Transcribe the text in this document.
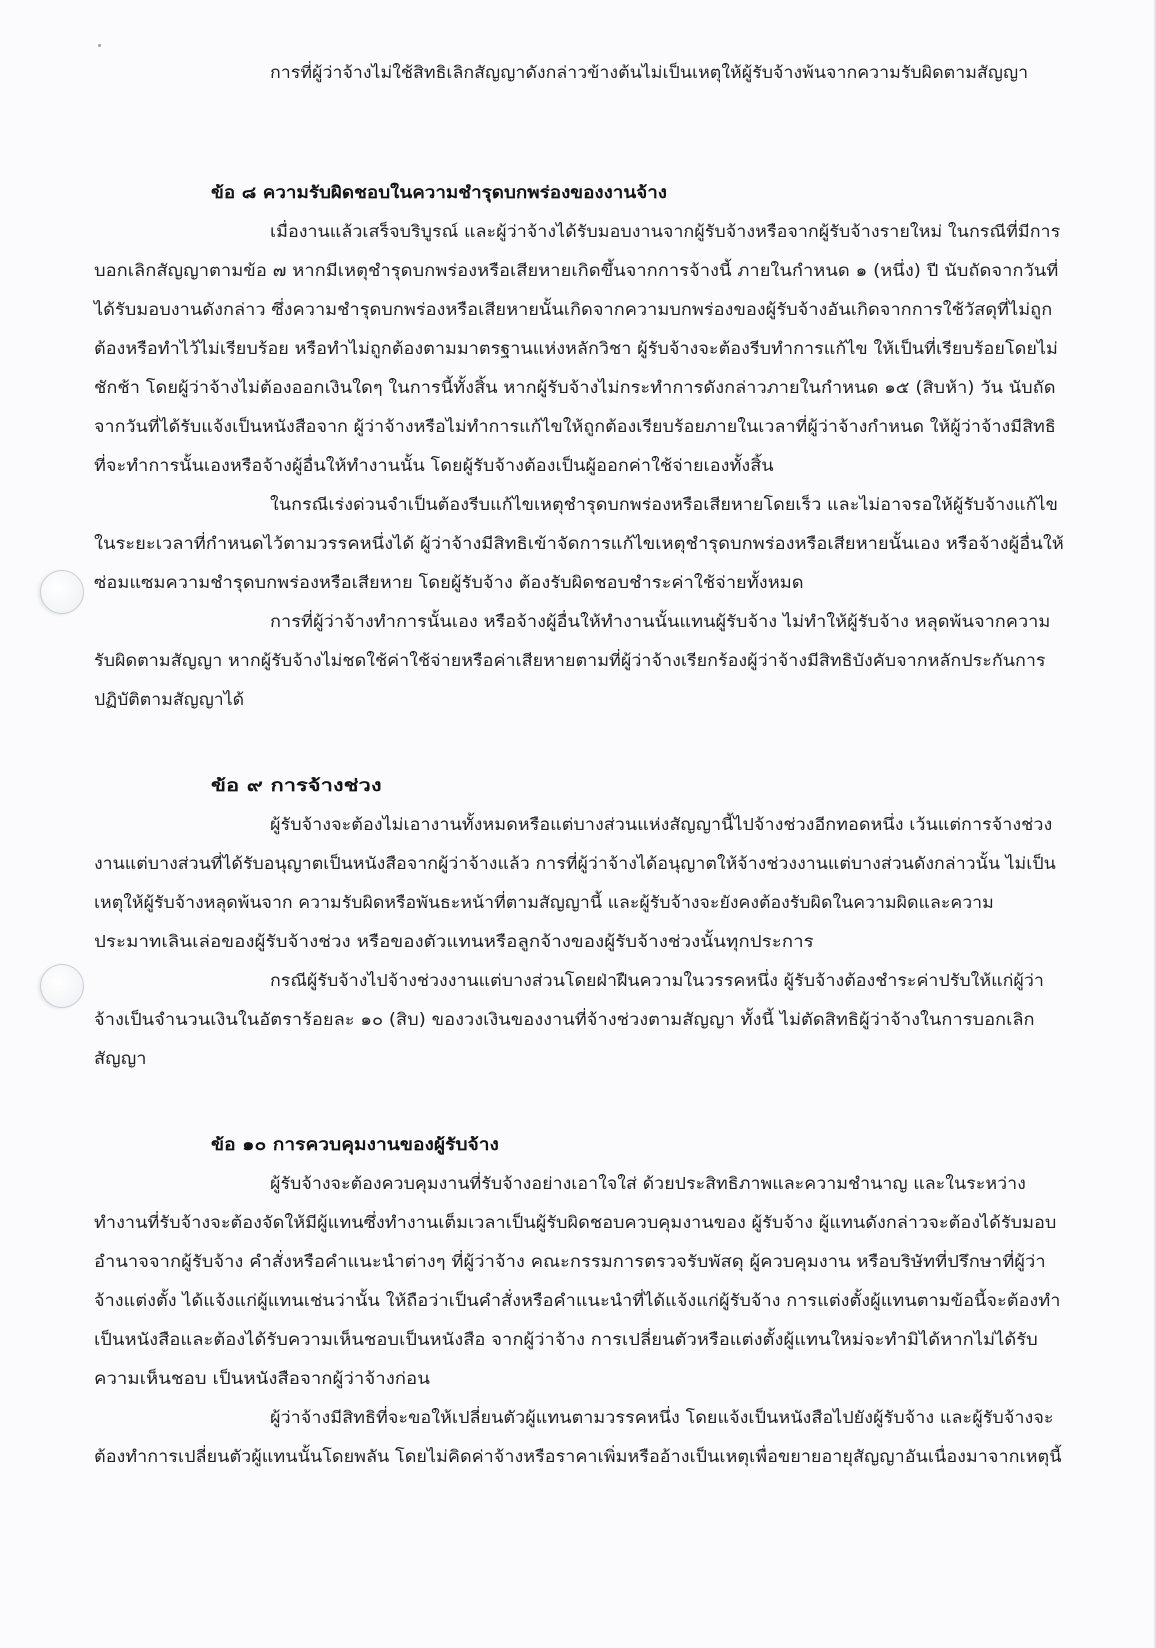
การที่ผู้ว่าจ้างไม่ใช้สิทธิเลิกสัญญาดังกล่าวข้างต้นไม่เป็นเหตุให้ผู้รับจ้างพ้นจากความรับผิดตามสัญญา
ข้อ ๘ ความรับผิดชอบในความชำรุดบกพร่องของงานจ้าง
เมื่องานแล้วเสร็จบริบูรณ์ และผู้ว่าจ้างได้รับมอบงานจากผู้รับจ้างหรือจากผู้รับจ้างรายใหม่ ในกรณีที่มีการ
บอกเลิกสัญญาตามข้อ ๗ หากมีเหตุชำรุดบกพร่องหรือเสียหายเกิดขึ้นจากการจ้างนี้ ภายในกำหนด ๑ (หนึ่ง) ปี นับถัดจากวันที่
ได้รับมอบงานดังกล่าว ซึ่งความชำรุดบกพร่องหรือเสียหายนั้นเกิดจากความบกพร่องของผู้รับจ้างอันเกิดจากการใช้วัสดุที่ไม่ถูก
ต้องหรือทำไว้ไม่เรียบร้อย หรือทำไม่ถูกต้องตามมาตรฐานแห่งหลักวิชา ผู้รับจ้างจะต้องรีบทำการแก้ไข ให้เป็นที่เรียบร้อยโดยไม่
ชักช้า โดยผู้ว่าจ้างไม่ต้องออกเงินใดๆ ในการนี้ทั้งสิ้น หากผู้รับจ้างไม่กระทำการดังกล่าวภายในกำหนด ๑๕ (สิบห้า) วัน นับถัด
จากวันที่ได้รับแจ้งเป็นหนังสือจาก ผู้ว่าจ้างหรือไม่ทำการแก้ไขให้ถูกต้องเรียบร้อยภายในเวลาที่ผู้ว่าจ้างกำหนด ให้ผู้ว่าจ้างมีสิทธิ
ที่จะทำการนั้นเองหรือจ้างผู้อื่นให้ทำงานนั้น โดยผู้รับจ้างต้องเป็นผู้ออกค่าใช้จ่ายเองทั้งสิ้น
ในกรณีเร่งด่วนจำเป็นต้องรีบแก้ไขเหตุชำรุดบกพร่องหรือเสียหายโดยเร็ว และไม่อาจรอให้ผู้รับจ้างแก้ไข
ในระยะเวลาที่กำหนดไว้ตามวรรคหนึ่งได้ ผู้ว่าจ้างมีสิทธิเข้าจัดการแก้ไขเหตุชำรุดบกพร่องหรือเสียหายนั้นเอง หรือจ้างผู้อื่นให้
ซ่อมแซมความชำรุดบกพร่องหรือเสียหาย โดยผู้รับจ้าง ต้องรับผิดชอบชำระค่าใช้จ่ายทั้งหมด
การที่ผู้ว่าจ้างทำการนั้นเอง หรือจ้างผู้อื่นให้ทำงานนั้นแทนผู้รับจ้าง ไม่ทำให้ผู้รับจ้าง หลุดพ้นจากความ
รับผิดตามสัญญา หากผู้รับจ้างไม่ชดใช้ค่าใช้จ่ายหรือค่าเสียหายตามที่ผู้ว่าจ้างเรียกร้องผู้ว่าจ้างมีสิทธิบังคับจากหลักประกันการ
ปฏิบัติตามสัญญาได้
ข้อ ๙ การจ้างช่วง
ผู้รับจ้างจะต้องไม่เอางานทั้งหมดหรือแต่บางส่วนแห่งสัญญานี้ไปจ้างช่วงอีกทอดหนึ่ง เว้นแต่การจ้างช่วง
งานแต่บางส่วนที่ได้รับอนุญาตเป็นหนังสือจากผู้ว่าจ้างแล้ว การที่ผู้ว่าจ้างได้อนุญาตให้จ้างช่วงงานแต่บางส่วนดังกล่าวนั้น ไม่เป็น
เหตุให้ผู้รับจ้างหลุดพ้นจาก ความรับผิดหรือพันธะหน้าที่ตามสัญญานี้ และผู้รับจ้างจะยังคงต้องรับผิดในความผิดและความ
ประมาทเลินเล่อของผู้รับจ้างช่วง หรือของตัวแทนหรือลูกจ้างของผู้รับจ้างช่วงนั้นทุกประการ
กรณีผู้รับจ้างไปจ้างช่วงงานแต่บางส่วนโดยฝ่าฝืนความในวรรคหนึ่ง ผู้รับจ้างต้องชำระค่าปรับให้แก่ผู้ว่า
จ้างเป็นจำนวนเงินในอัตราร้อยละ ๑๐ (สิบ) ของวงเงินของงานที่จ้างช่วงตามสัญญา ทั้งนี้ ไม่ตัดสิทธิผู้ว่าจ้างในการบอกเลิก
สัญญา
ข้อ ๑๐ การควบคุมงานของผู้รับจ้าง
ผู้รับจ้างจะต้องควบคุมงานที่รับจ้างอย่างเอาใจใส่ ด้วยประสิทธิภาพและความชำนาญ และในระหว่าง
ทำงานที่รับจ้างจะต้องจัดให้มีผู้แทนซึ่งทำงานเต็มเวลาเป็นผู้รับผิดชอบควบคุมงานของ ผู้รับจ้าง ผู้แทนดังกล่าวจะต้องได้รับมอบ
อำนาจจากผู้รับจ้าง คำสั่งหรือคำแนะนำต่างๆ ที่ผู้ว่าจ้าง คณะกรรมการตรวจรับพัสดุ ผู้ควบคุมงาน หรือบริษัทที่ปรึกษาที่ผู้ว่า
จ้างแต่งตั้ง ได้แจ้งแก่ผู้แทนเช่นว่านั้น ให้ถือว่าเป็นคำสั่งหรือคำแนะนำที่ได้แจ้งแก่ผู้รับจ้าง การแต่งตั้งผู้แทนตามข้อนี้จะต้องทำ
เป็นหนังสือและต้องได้รับความเห็นชอบเป็นหนังสือ จากผู้ว่าจ้าง การเปลี่ยนตัวหรือแต่งตั้งผู้แทนใหม่จะทำมิได้หากไม่ได้รับ
ความเห็นชอบ เป็นหนังสือจากผู้ว่าจ้างก่อน
ผู้ว่าจ้างมีสิทธิที่จะขอให้เปลี่ยนตัวผู้แทนตามวรรคหนึ่ง โดยแจ้งเป็นหนังสือไปยังผู้รับจ้าง และผู้รับจ้างจะ
ต้องทำการเปลี่ยนตัวผู้แทนนั้นโดยพลัน โดยไม่คิดค่าจ้างหรือราคาเพิ่มหรืออ้างเป็นเหตุเพื่อขยายอายุสัญญาอันเนื่องมาจากเหตุนี้
